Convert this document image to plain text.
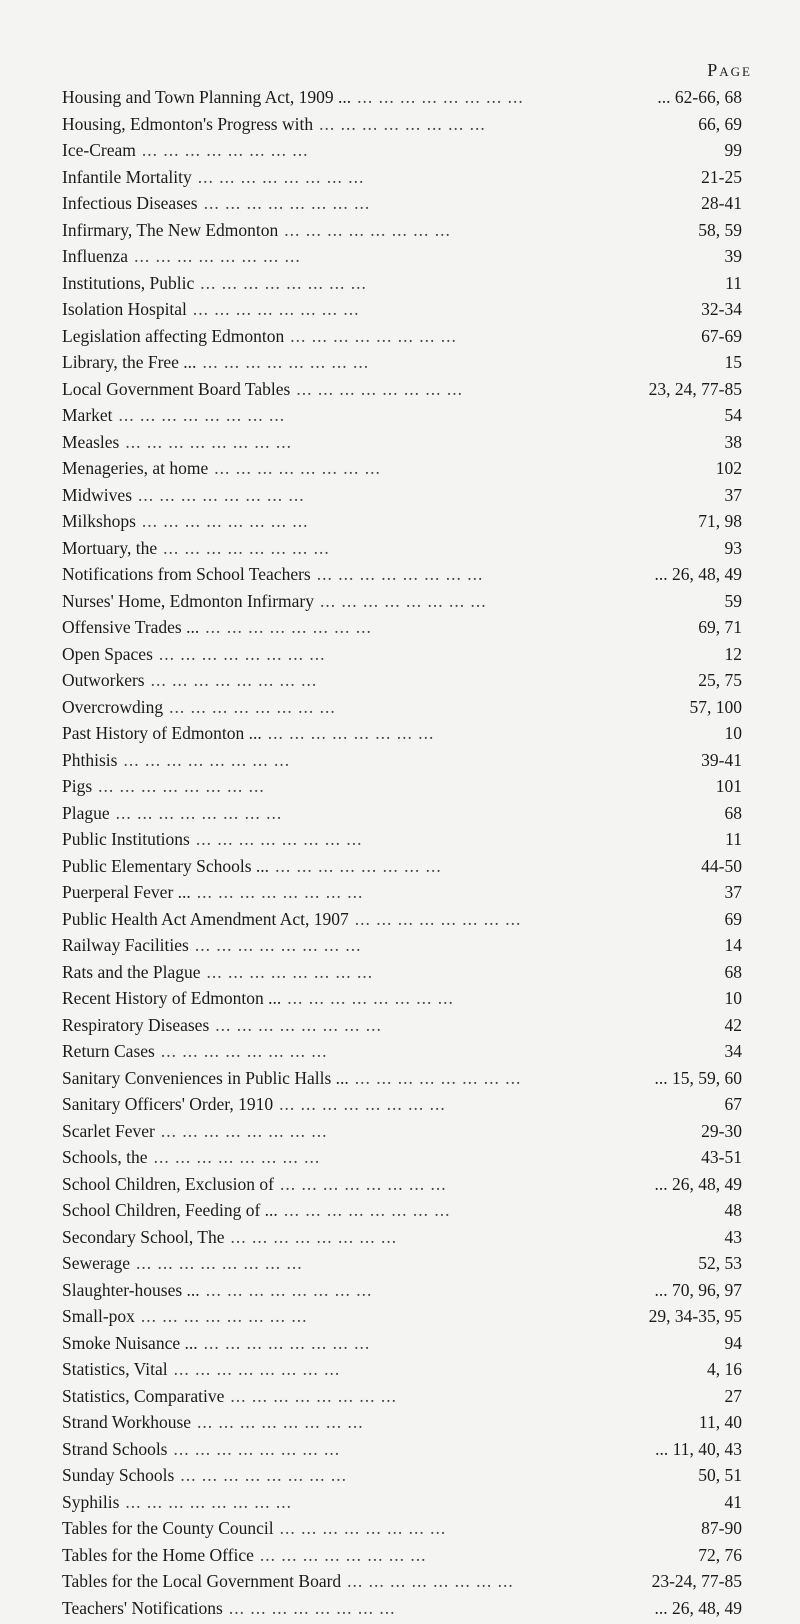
Page
Housing and Town Planning Act, 1909 ... ... ... ... ... ... ... ... ...	... 62-66, 68
Housing, Edmonton's Progress with ... ... ... ... ... ... ... ...	66, 69
Ice-Cream ... ... ... ... ... ... ... ...	99
Infantile Mortality ... ... ... ... ... ... ... ...	21-25
Infectious Diseases ... ... ... ... ... ... ... ...	28-41
Infirmary, The New Edmonton ... ... ... ... ... ... ... ...	58, 59
Influenza ... ... ... ... ... ... ... ...	39
Institutions, Public ... ... ... ... ... ... ... ...	11
Isolation Hospital ... ... ... ... ... ... ... ...	32-34
Legislation affecting Edmonton ... ... ... ... ... ... ... ...	67-69
Library, the Free ... ... ... ... ... ... ... ... ...	15
Local Government Board Tables ... ... ... ... ... ... ... ...	23, 24, 77-85
Market ... ... ... ... ... ... ... ...	54
Measles ... ... ... ... ... ... ... ...	38
Menageries, at home ... ... ... ... ... ... ... ...	102
Midwives ... ... ... ... ... ... ... ...	37
Milkshops ... ... ... ... ... ... ... ...	71, 98
Mortuary, the ... ... ... ... ... ... ... ...	93
Notifications from School Teachers ... ... ... ... ... ... ... ...	... 26, 48, 49
Nurses' Home, Edmonton Infirmary ... ... ... ... ... ... ... ...	59
Offensive Trades ... ... ... ... ... ... ... ... ...	69, 71
Open Spaces ... ... ... ... ... ... ... ...	12
Outworkers ... ... ... ... ... ... ... ...	25, 75
Overcrowding ... ... ... ... ... ... ... ...	57, 100
Past History of Edmonton ... ... ... ... ... ... ... ... ...	10
Phthisis ... ... ... ... ... ... ... ...	39-41
Pigs ... ... ... ... ... ... ... ...	101
Plague ... ... ... ... ... ... ... ...	68
Public Institutions ... ... ... ... ... ... ... ...	11
Public Elementary Schools ... ... ... ... ... ... ... ... ...	44-50
Puerperal Fever ... ... ... ... ... ... ... ... ...	37
Public Health Act Amendment Act, 1907 ... ... ... ... ... ... ... ...	69
Railway Facilities ... ... ... ... ... ... ... ...	14
Rats and the Plague ... ... ... ... ... ... ... ...	68
Recent History of Edmonton ... ... ... ... ... ... ... ... ...	10
Respiratory Diseases ... ... ... ... ... ... ... ...	42
Return Cases ... ... ... ... ... ... ... ...	34
Sanitary Conveniences in Public Halls ... ... ... ... ... ... ... ... ...	... 15, 59, 60
Sanitary Officers' Order, 1910 ... ... ... ... ... ... ... ...	67
Scarlet Fever ... ... ... ... ... ... ... ...	29-30
Schools, the ... ... ... ... ... ... ... ...	43-51
School Children, Exclusion of ... ... ... ... ... ... ... ...	... 26, 48, 49
School Children, Feeding of ... ... ... ... ... ... ... ... ...	48
Secondary School, The ... ... ... ... ... ... ... ...	43
Sewerage ... ... ... ... ... ... ... ...	52, 53
Slaughter-houses ... ... ... ... ... ... ... ... ...	... 70, 96, 97
Small-pox ... ... ... ... ... ... ... ...	29, 34-35, 95
Smoke Nuisance ... ... ... ... ... ... ... ... ...	94
Statistics, Vital ... ... ... ... ... ... ... ...	4, 16
Statistics, Comparative ... ... ... ... ... ... ... ...	27
Strand Workhouse ... ... ... ... ... ... ... ...	11, 40
Strand Schools ... ... ... ... ... ... ... ...	... 11, 40, 43
Sunday Schools ... ... ... ... ... ... ... ...	50, 51
Syphilis ... ... ... ... ... ... ... ...	41
Tables for the County Council ... ... ... ... ... ... ... ...	87-90
Tables for the Home Office ... ... ... ... ... ... ... ...	72, 76
Tables for the Local Government Board ... ... ... ... ... ... ... ...	23-24, 77-85
Teachers' Notifications ... ... ... ... ... ... ... ...	... 26, 48, 49
